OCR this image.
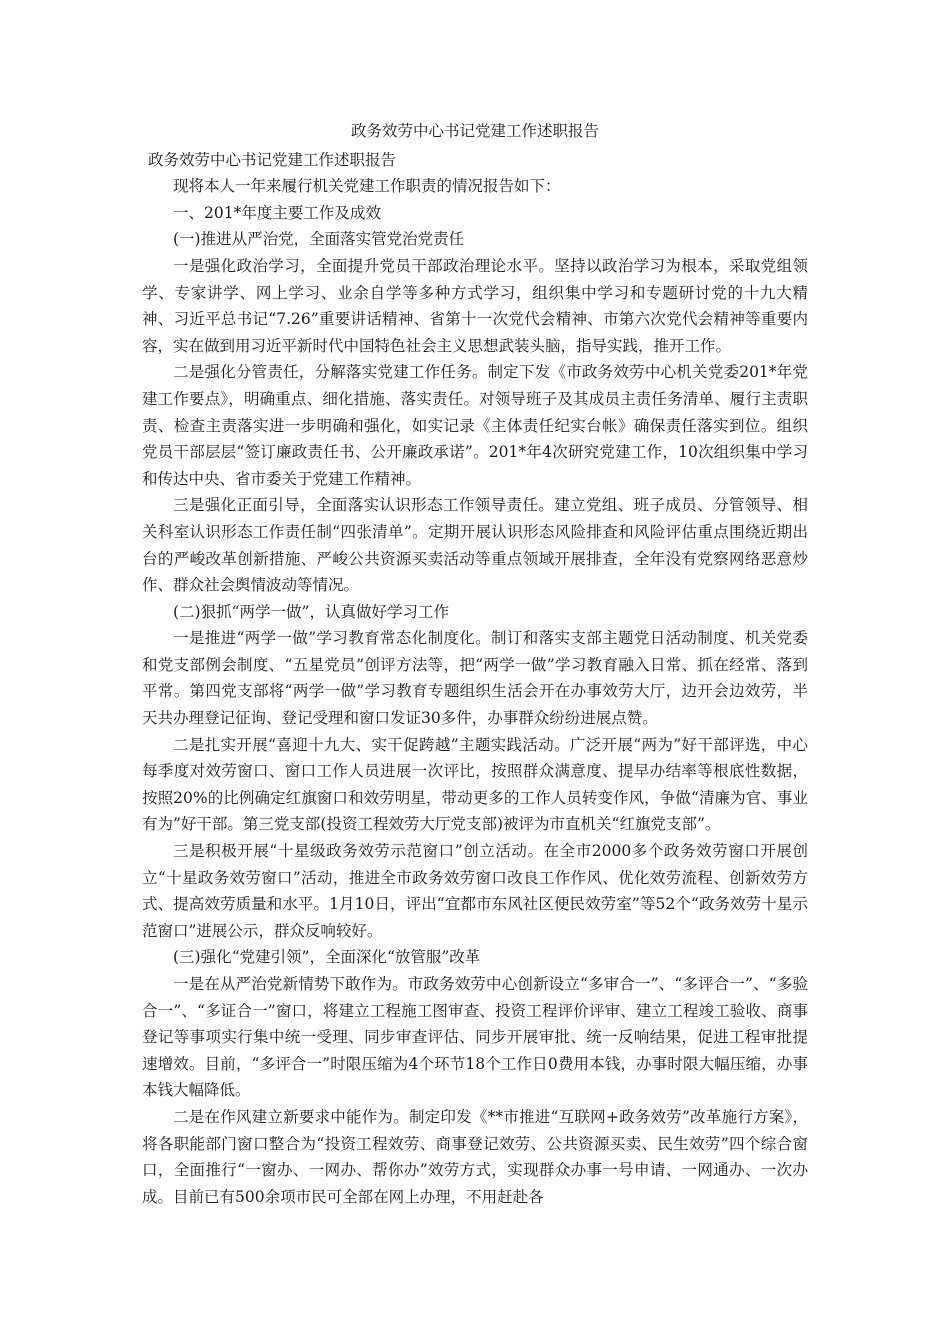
政务效劳中心书记党建工作述职报告

政务效劳中心书记党建工作述职报告

现将本人一年来履行机关党建工作职责的情况报告如下：

一、201*年度主要工作及成效

(一)推进从严治党，全面落实管党治党责任

一是强化政治学习，全面提升党员干部政治理论水平。坚持以政治学习为根本，采取党组领学、专家讲学、网上学习、业余自学等多种方式学习，组织集中学习和专题研讨党的十九大精神、习近平总书记“7.26”重要讲话精神、省第十一次党代会精神、市第六次党代会精神等重要内容，实在做到用习近平新时代中国特色社会主义思想武装头脑，指导实践，推开工作。

二是强化分管责任，分解落实党建工作任务。制定下发《市政务效劳中心机关党委201*年党建工作要点》，明确重点、细化措施、落实责任。对领导班子及其成员主责任务清单、履行主责职责、检查主责落实进一步明确和强化，如实记录《主体责任纪实台帐》确保责任落实到位。组织党员干部层层“签订廉政责任书、公开廉政承诺”。201*年4次研究党建工作，10次组织集中学习和传达中央、省市委关于党建工作精神。

三是强化正面引导，全面落实认识形态工作领导责任。建立党组、班子成员、分管领导、相关科室认识形态工作责任制“四张清单”。定期开展认识形态风险排查和风险评估重点围绕近期出台的严峻改革创新措施、严峻公共资源买卖活动等重点领域开展排查，全年没有党察网络恶意炒作、群众社会舆情波动等情况。

(二)狠抓“两学一做”，认真做好学习工作

一是推进“两学一做”学习教育常态化制度化。制订和落实支部主题党日活动制度、机关党委和党支部例会制度、“五星党员”创评方法等，把“两学一做”学习教育融入日常、抓在经常、落到平常。第四党支部将“两学一做”学习教育专题组织生活会开在办事效劳大厅，边开会边效劳，半天共办理登记征询、登记受理和窗口发证30多件，办事群众纷纷进展点赞。

二是扎实开展“喜迎十九大、实干促跨越”主题实践活动。广泛开展“两为”好干部评选，中心每季度对效劳窗口、窗口工作人员进展一次评比，按照群众满意度、提早办结率等根底性数据，按照20%的比例确定红旗窗口和效劳明星，带动更多的工作人员转变作风，争做“清廉为官、事业有为”好干部。第三党支部(投资工程效劳大厅党支部)被评为市直机关“红旗党支部”。

三是积极开展“十星级政务效劳示范窗口”创立活动。在全市2000多个政务效劳窗口开展创立“十星政务效劳窗口”活动，推进全市政务效劳窗口改良工作作风、优化效劳流程、创新效劳方式、提高效劳质量和水平。1月10日，评出“宜都市东风社区便民效劳室”等52个“政务效劳十星示范窗口”进展公示，群众反响较好。

(三)强化“党建引领”，全面深化“放管服”改革

一是在从严治党新情势下敢作为。市政务效劳中心创新设立“多审合一”、“多评合一”、“多验合一”、“多证合一”窗口，将建立工程施工图审查、投资工程评价评审、建立工程竣工验收、商事登记等事项实行集中统一受理、同步审查评估、同步开展审批、统一反响结果，促进工程审批提速增效。目前，“多评合一”时限压缩为4个环节18个工作日0费用本钱，办事时限大幅压缩，办事本钱大幅降低。

二是在作风建立新要求中能作为。制定印发《**市推进“互联网+政务效劳”改革施行方案》，将各职能部门窗口整合为“投资工程效劳、商事登记效劳、公共资源买卖、民生效劳”四个综合窗口，全面推行“一窗办、一网办、帮你办”效劳方式，实现群众办事一号申请、一网通办、一次办成。目前已有500余项市民可全部在网上办理，不用赶赴各
